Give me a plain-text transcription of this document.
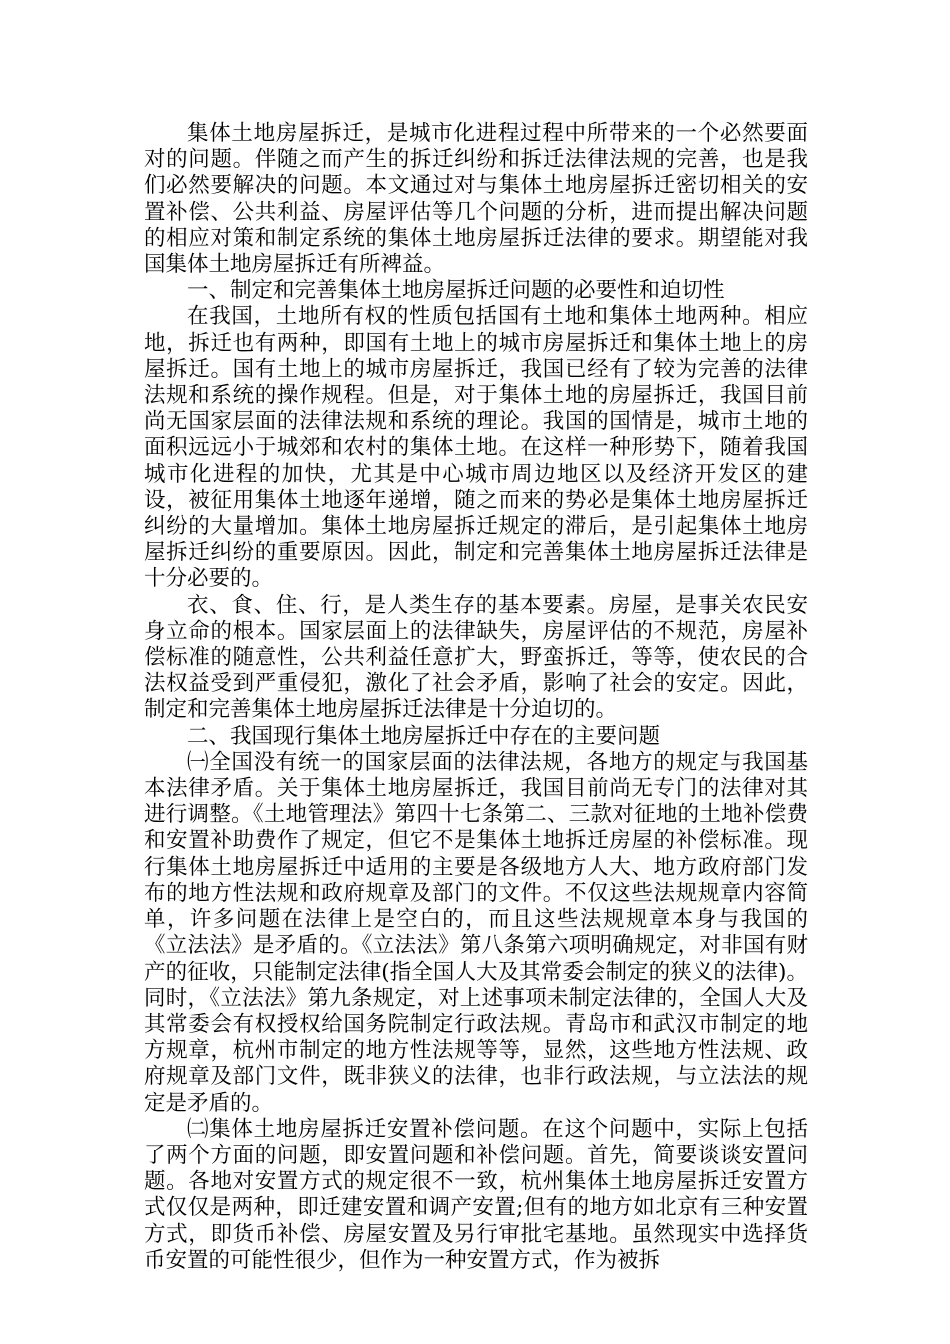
集体土地房屋拆迁，是城市化进程过程中所带来的一个必然要面对的问题。伴随之而产生的拆迁纠纷和拆迁法律法规的完善，也是我们必然要解决的问题。本文通过对与集体土地房屋拆迁密切相关的安置补偿、公共利益、房屋评估等几个问题的分析，进而提出解决问题的相应对策和制定系统的集体土地房屋拆迁法律的要求。期望能对我国集体土地房屋拆迁有所裨益。

一、制定和完善集体土地房屋拆迁问题的必要性和迫切性

在我国，土地所有权的性质包括国有土地和集体土地两种。相应地，拆迁也有两种，即国有土地上的城市房屋拆迁和集体土地上的房屋拆迁。国有土地上的城市房屋拆迁，我国已经有了较为完善的法律法规和系统的操作规程。但是，对于集体土地的房屋拆迁，我国目前尚无国家层面的法律法规和系统的理论。我国的国情是，城市土地的面积远远小于城郊和农村的集体土地。在这样一种形势下，随着我国城市化进程的加快，尤其是中心城市周边地区以及经济开发区的建设，被征用集体土地逐年递增，随之而来的势必是集体土地房屋拆迁纠纷的大量增加。集体土地房屋拆迁规定的滞后，是引起集体土地房屋拆迁纠纷的重要原因。因此，制定和完善集体土地房屋拆迁法律是十分必要的。

衣、食、住、行，是人类生存的基本要素。房屋，是事关农民安身立命的根本。国家层面上的法律缺失，房屋评估的不规范，房屋补偿标准的随意性，公共利益任意扩大，野蛮拆迁，等等，使农民的合法权益受到严重侵犯，激化了社会矛盾，影响了社会的安定。因此，制定和完善集体土地房屋拆迁法律是十分迫切的。

二、我国现行集体土地房屋拆迁中存在的主要问题

㈠全国没有统一的国家层面的法律法规，各地方的规定与我国基本法律矛盾。关于集体土地房屋拆迁，我国目前尚无专门的法律对其进行调整。《土地管理法》第四十七条第二、三款对征地的土地补偿费和安置补助费作了规定，但它不是集体土地拆迁房屋的补偿标准。现行集体土地房屋拆迁中适用的主要是各级地方人大、地方政府部门发布的地方性法规和政府规章及部门的文件。不仅这些法规规章内容简单，许多问题在法律上是空白的，而且这些法规规章本身与我国的《立法法》是矛盾的。《立法法》第八条第六项明确规定，对非国有财产的征收，只能制定法律(指全国人大及其常委会制定的狭义的法律)。同时，《立法法》第九条规定，对上述事项未制定法律的，全国人大及其常委会有权授权给国务院制定行政法规。青岛市和武汉市制定的地方规章，杭州市制定的地方性法规等等，显然，这些地方性法规、政府规章及部门文件，既非狭义的法律，也非行政法规，与立法法的规定是矛盾的。

㈡集体土地房屋拆迁安置补偿问题。在这个问题中，实际上包括了两个方面的问题，即安置问题和补偿问题。首先，简要谈谈安置问题。各地对安置方式的规定很不一致，杭州集体土地房屋拆迁安置方式仅仅是两种，即迁建安置和调产安置;但有的地方如北京有三种安置方式，即货币补偿、房屋安置及另行审批宅基地。虽然现实中选择货币安置的可能性很少，但作为一种安置方式，作为被拆
